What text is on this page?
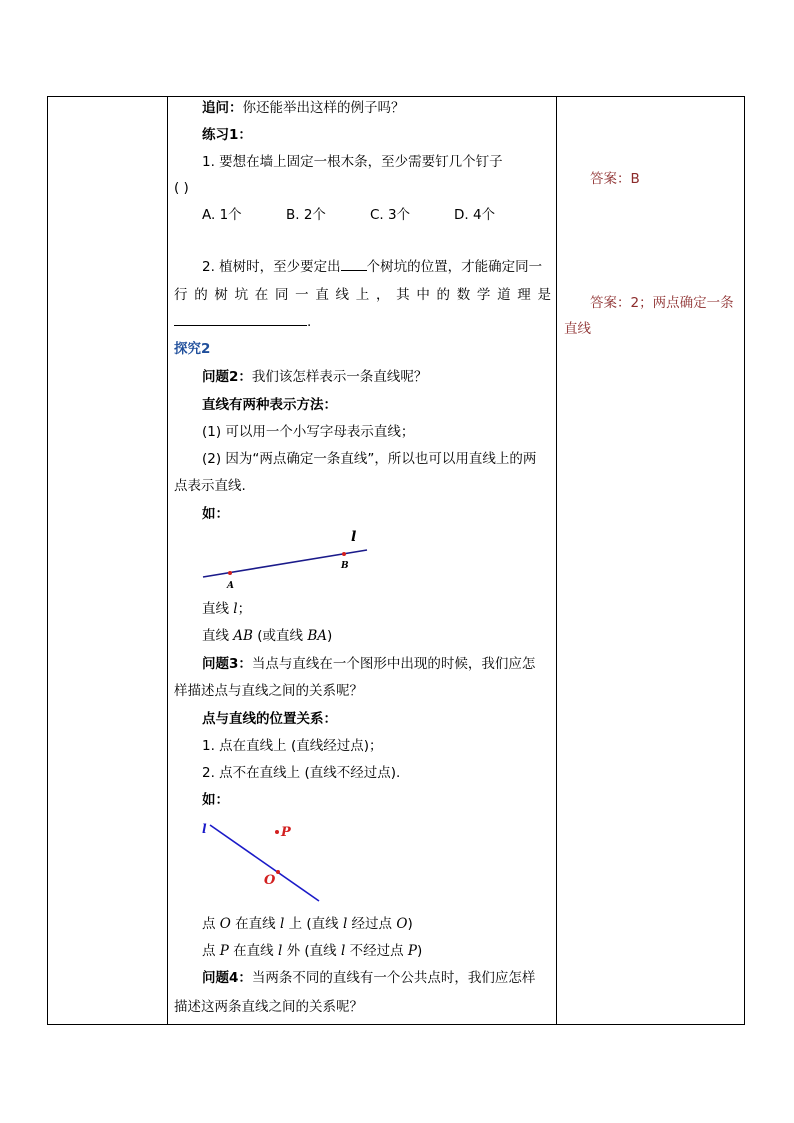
追问：你还能举出这样的例子吗？
练习1：
1. 要想在墙上固定一根木条，至少需要钉几个钉子
( )
A. 1个	B. 2个	C. 3个	D. 4个
2. 植树时，至少要定出 个树坑的位置，才能确定同一
行的树坑在同一直线上，其中的数学道理是
.
探究2
问题2：我们该怎样表示一条直线呢？
直线有两种表示方法：
(1) 可以用一个小写字母表示直线；
(2) 因为“两点确定一条直线”，所以也可以用直线上的两
点表示直线.
如：
l
A
B
直线 l；
直线 AB (或直线 BA)
问题3：当点与直线在一个图形中出现的时候，我们应怎
样描述点与直线之间的关系呢？
点与直线的位置关系：
1. 点在直线上 (直线经过点)；
2. 点不在直线上 (直线不经过点).
如：
l	P
O
点 O 在直线 l 上 (直线 l 经过点 O)
点 P 在直线 l 外 (直线 l 不经过点 P)
问题4：当两条不同的直线有一个公共点时，我们应怎样
描述这两条直线之间的关系呢？
答案：B
答案：2；两点确定一条
直线
